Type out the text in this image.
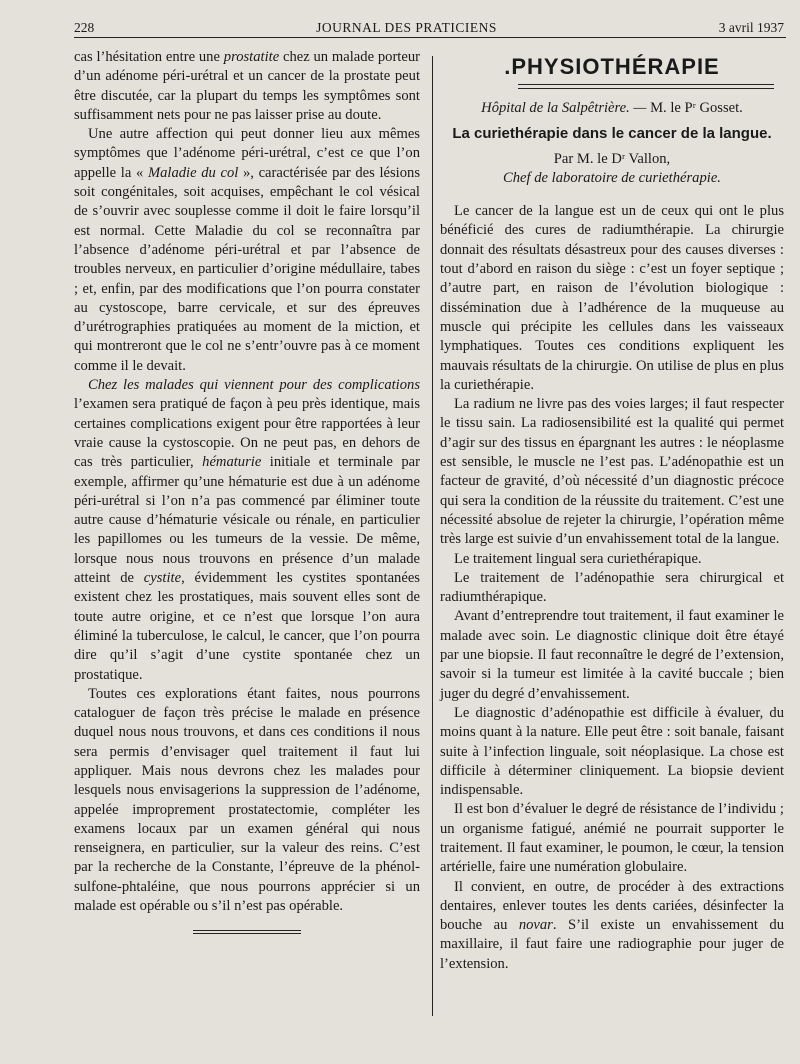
228	JOURNAL DES PRATICIENS	3 avril 1937

cas l’hésitation entre une prostatite chez un malade porteur d’un adénome péri-urétral et un cancer de la prostate peut être discutée, car la plupart du temps les symptômes sont suffisamment nets pour ne pas laisser prise au doute.

Une autre affection qui peut donner lieu aux mêmes symptômes que l’adénome péri-urétral, c’est ce que l’on appelle la « Maladie du col », caractérisée par des lésions soit congénitales, soit acquises, empêchant le col vésical de s’ouvrir avec souplesse comme il doit le faire lorsqu’il est normal. Cette Maladie du col se reconnaîtra par l’absence d’adénome péri-urétral et par l’absence de troubles nerveux, en particulier d’origine médullaire, tabes ; et, enfin, par des modifications que l’on pourra constater au cystoscope, barre cervicale, et sur des épreuves d’urétrographies pratiquées au moment de la miction, et qui montreront que le col ne s’entr’ouvre pas à ce moment comme il le devait.

Chez les malades qui viennent pour des complications l’examen sera pratiqué de façon à peu près identique, mais certaines complications exigent pour être rapportées à leur vraie cause la cystoscopie. On ne peut pas, en dehors de cas très particulier, hématurie initiale et terminale par exemple, affirmer qu’une hématurie est due à un adénome péri-urétral si l’on n’a pas commencé par éliminer toute autre cause d’hématurie vésicale ou rénale, en particulier les papillomes ou les tumeurs de la vessie. De même, lorsque nous nous trouvons en présence d’un malade atteint de cystite, évidemment les cystites spontanées existent chez les prostatiques, mais souvent elles sont de toute autre origine, et ce n’est que lorsque l’on aura éliminé la tuberculose, le calcul, le cancer, que l’on pourra dire qu’il s’agit d’une cystite spontanée chez un prostatique.

Toutes ces explorations étant faites, nous pourrons cataloguer de façon très précise le malade en présence duquel nous nous trouvons, et dans ces conditions il nous sera permis d’envisager quel traitement il faut lui appliquer. Mais nous devrons chez les malades pour lesquels nous envisagerions la suppression de l’adénome, appelée improprement prostatectomie, compléter les examens locaux par un examen général qui nous renseignera, en particulier, sur la valeur des reins. C’est par la recherche de la Constante, l’épreuve de la phénol-sulfone-phtaléine, que nous pourrons apprécier si un malade est opérable ou s’il n’est pas opérable.

.PHYSIOTHÉRAPIE
Hôpital de la Salpêtrière. — M. le Pʳ Gosset.
La curiethérapie dans le cancer de la langue.
Par M. le Dʳ Vallon,
Chef de laboratoire de curiethérapie.

Le cancer de la langue est un de ceux qui ont le plus bénéficié des cures de radiumthérapie. La chirurgie donnait des résultats désastreux pour des causes diverses : tout d’abord en raison du siège : c’est un foyer septique ; d’autre part, en raison de l’évolution biologique : dissémination due à l’adhérence de la muqueuse au muscle qui précipite les cellules dans les vaisseaux lymphatiques. Toutes ces conditions expliquent les mauvais résultats de la chirurgie. On utilise de plus en plus la curiethérapie.

La radium ne livre pas des voies larges; il faut respecter le tissu sain. La radiosensibilité est la qualité qui permet d’agir sur des tissus en épargnant les autres : le néoplasme est sensible, le muscle ne l’est pas. L’adénopathie est un facteur de gravité, d’où nécessité d’un diagnostic précoce qui sera la condition de la réussite du traitement. C’est une nécessité absolue de rejeter la chirurgie, l’opération même très large est suivie d’un envahissement total de la langue.

Le traitement lingual sera curiethérapique.

Le traitement de l’adénopathie sera chirurgical et radiumthérapique.

Avant d’entreprendre tout traitement, il faut examiner le malade avec soin. Le diagnostic clinique doit être étayé par une biopsie. Il faut reconnaître le degré de l’extension, savoir si la tumeur est limitée à la cavité buccale ; bien juger du degré d’envahissement.

Le diagnostic d’adénopathie est difficile à évaluer, du moins quant à la nature. Elle peut être : soit banale, faisant suite à l’infection linguale, soit néoplasique. La chose est difficile à déterminer cliniquement. La biopsie devient indispensable.

Il est bon d’évaluer le degré de résistance de l’individu ; un organisme fatigué, anémié ne pourrait supporter le traitement. Il faut examiner, le poumon, le cœur, la tension artérielle, faire une numération globulaire.

Il convient, en outre, de procéder à des extractions dentaires, enlever toutes les dents cariées, désinfecter la bouche au novar. S’il existe un envahissement du maxillaire, il faut faire une radiographie pour juger de l’extension.
